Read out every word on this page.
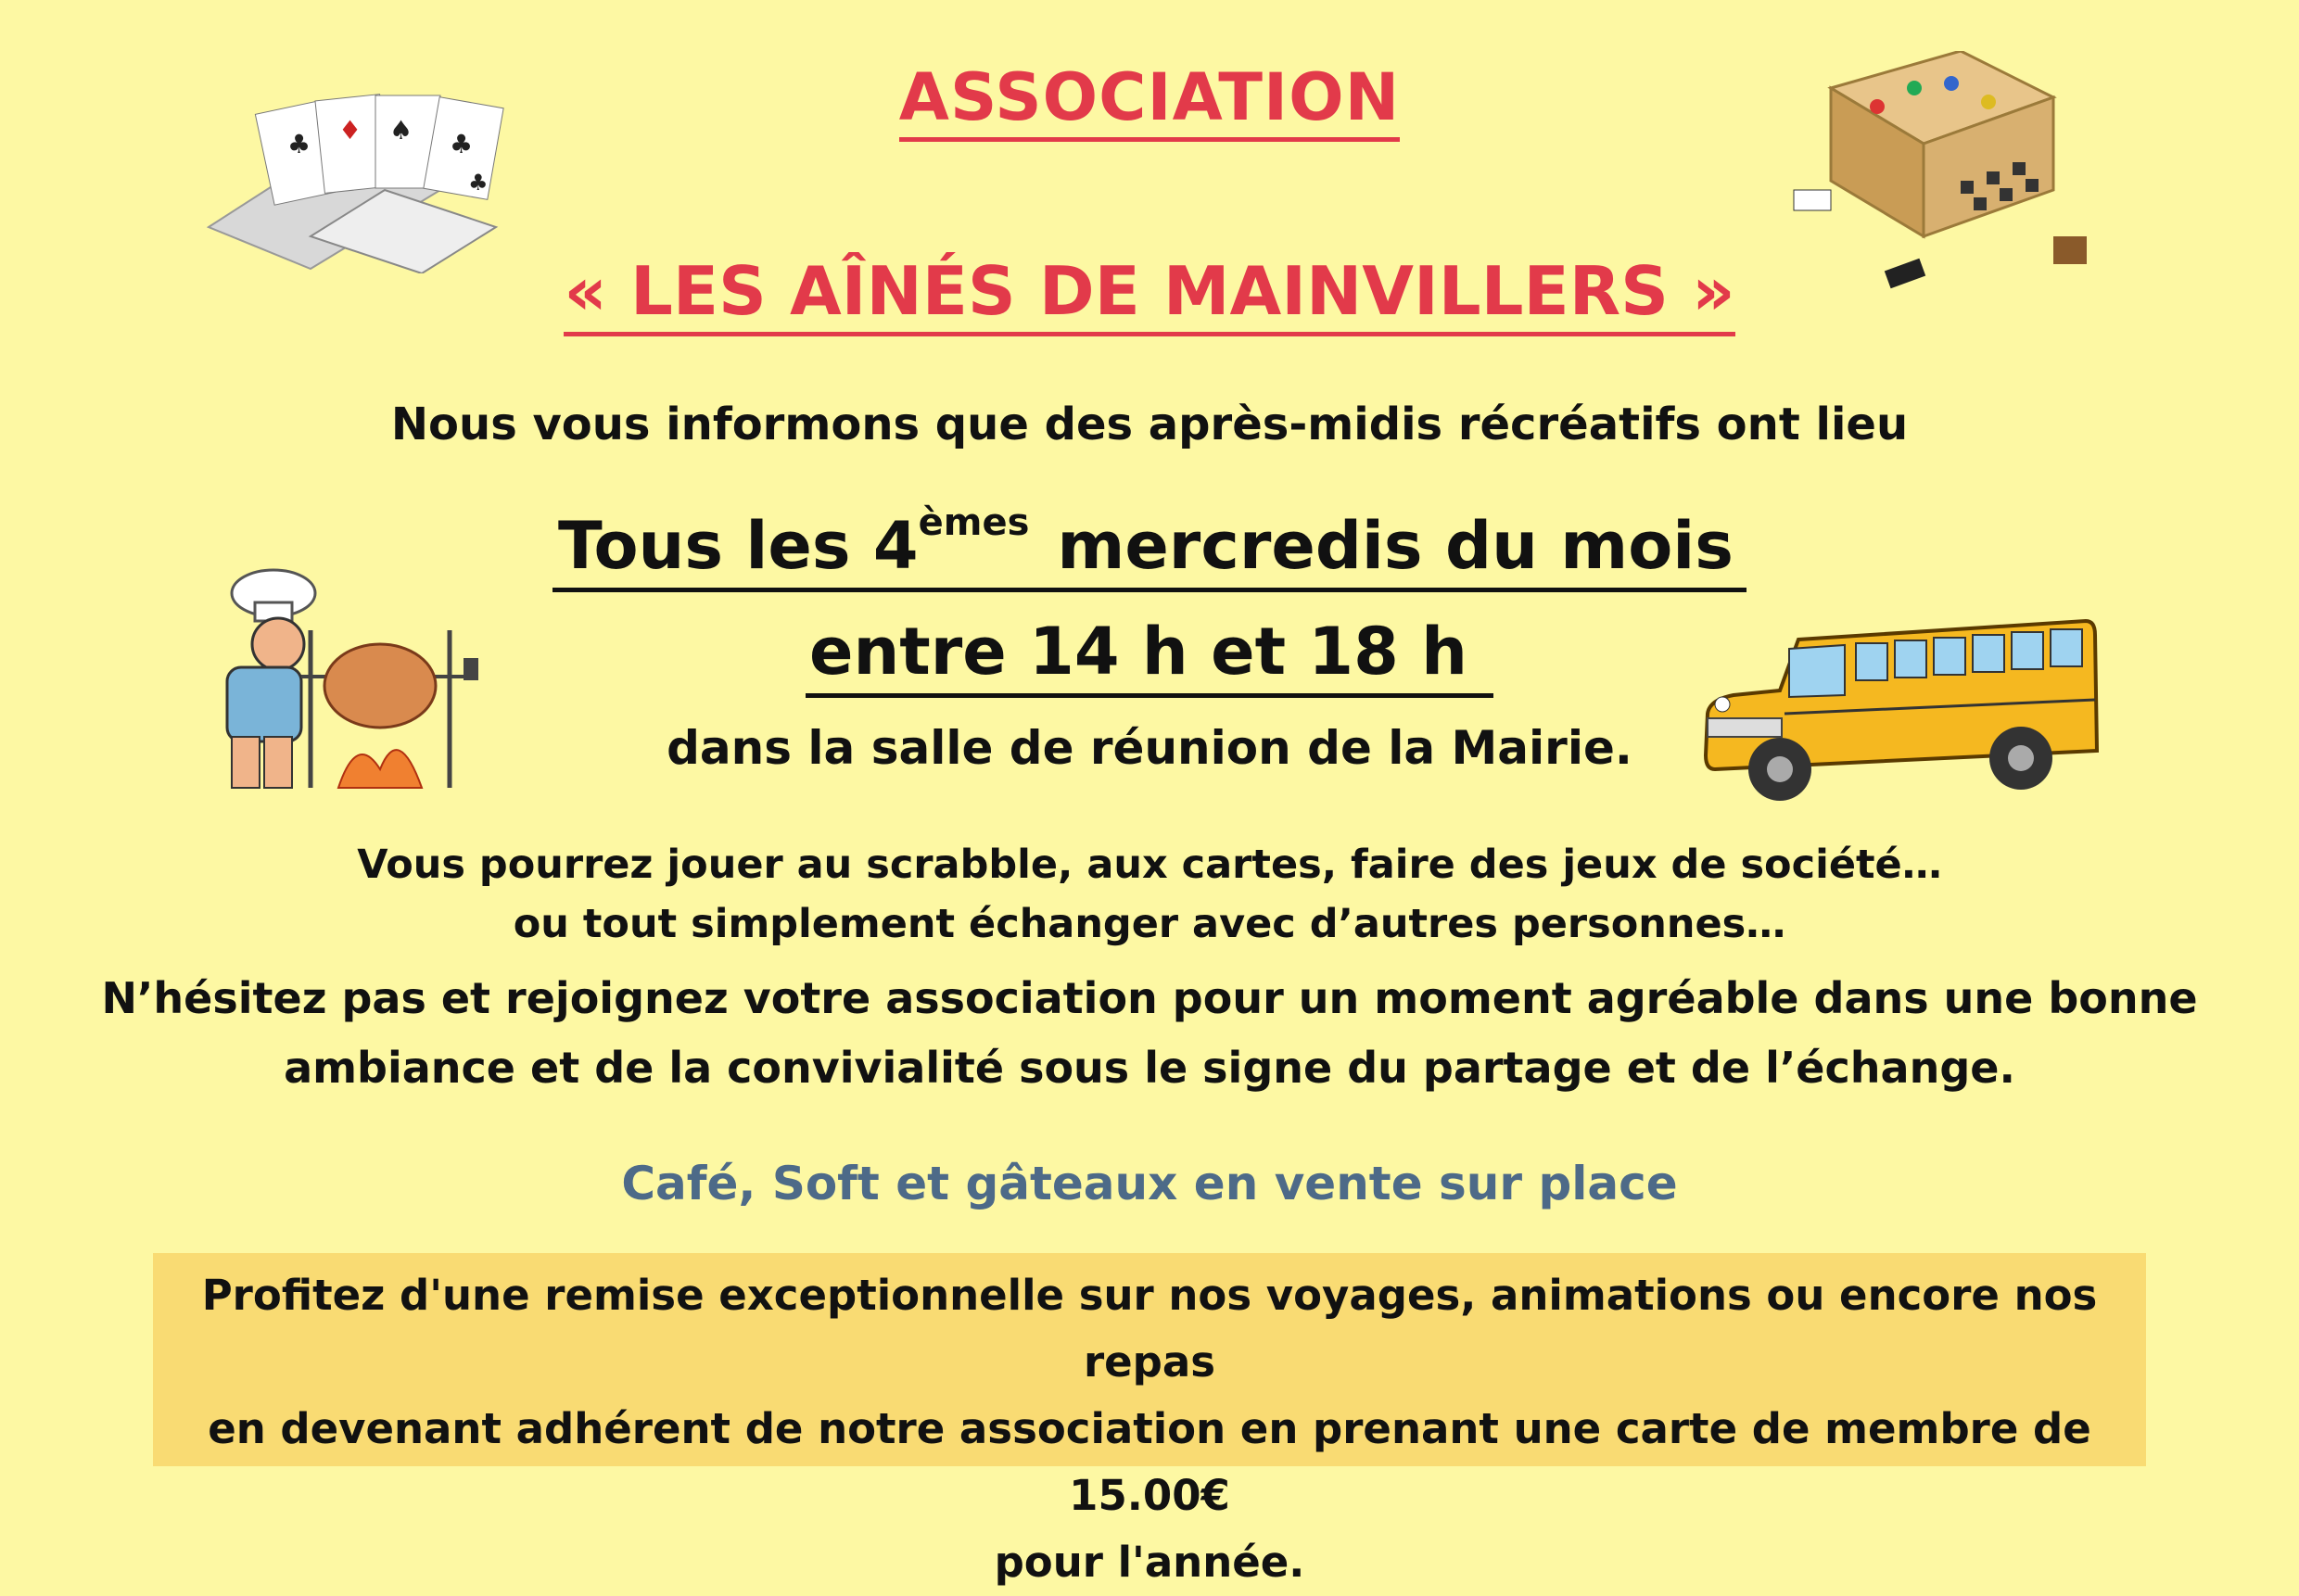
♣ ♦ ♠ ♣
♣
ASSOCIATION
« LES AÎNÉS DE MAINVILLERS »
Nous vous informons que des après-midis récréatifs ont lieu
Tous les 4èmes mercredis du mois
entre 14 h et 18 h
dans la salle de réunion de la Mairie.
Vous pourrez jouer au scrabble, aux cartes, faire des jeux de société…
ou tout simplement échanger avec d’autres personnes…
N’hésitez pas et rejoignez votre association pour un moment agréable dans une bonne
ambiance et de la convivialité sous le signe du partage et de l’échange.
Café, Soft et gâteaux en vente sur place
Profitez d'une remise exceptionnelle sur nos voyages, animations ou encore nos repas
en devenant adhérent de notre association en prenant une carte de membre de 15.00€
pour l'année.
